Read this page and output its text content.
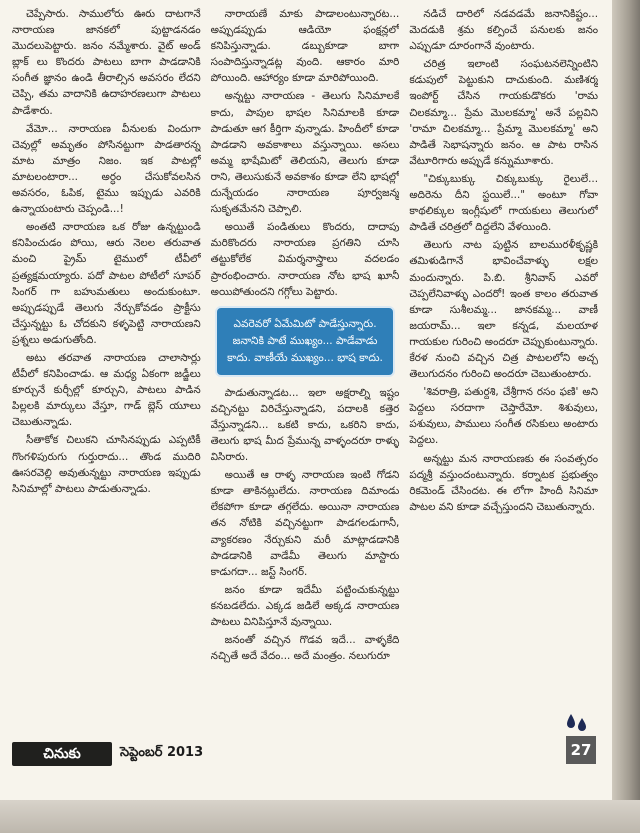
చెప్పేసారు. సాములోరు ఊరు దాటగానే నారాయణ జానకలో పుట్టాడనడం మొదలుపెట్టారు. జనం నమ్మేశారు. వైట్ అండ్ బ్లాక్ లు కొందరు పాటలు బాగా పాడడానికి సంగీత జ్ఞానం ఉండి తీరాల్సిన అవసరం లేదని చెప్పి, తమ వాదానికి ఉదాహరణలుగా పాటలు పాడేశారు.

వేమో... నారాయణ వీనులకు విందుగా చెవుల్లో అమృతం పోసినట్టుగా పాడతారన్న మాట మాత్రం నిజం. ఇక పాటల్లో మాటలంటారా... అర్ధం చేసుకోవలసిన అవసరం, ఓపిక, టైము ఇప్పుడు ఎవరికి ఉన్నాయంటారు చెప్పండి...!

అంతటి నారాయణ ఒక రోజు ఉన్నట్టుండి కనిపించుడం పోయి, ఆరు నెలల తరువాత మంచి ప్రైమ్ టైములో టీవీలో ప్రత్యక్షమయ్యారు. పదో పాటల పోటీలో సూపర్ సింగర్ గా బహుమతులు అందుకుంటూ. అప్పుడప్పుడే తెలుగు నేర్చుకోవడం ప్రాక్టీసు చేస్తున్నట్టు ఓ చోదకుని కళ్ళపెట్టి నారాయణని ప్రశ్నలు అడుగుతోంది.

అటు తరవాత నారాయణ చాలాసార్లు టీవీలో కనిపించాడు. ఆ మధ్య ఏకంగా జడ్జీలు కూర్చునే కుర్చీల్లో కూర్చుని, పాటలు పాడిన పిల్లలకి మార్కులు వేస్తూ, గాడ్ బ్లెస్ యూలు చెబుతున్నాడు.

సీతాకోక చిలుకని చూసినప్పుడు ఎప్పటికీ గొంగళిపురుగు గుర్తురాదు... తొండ ముదిరి ఊసరవెల్లి అవుతున్నట్టు నారాయణ ఇప్పుడు సినిమాల్లో పాటలు పాడుతున్నాడు.

నారాయణే మాకు పాడాలంటున్నారట... అప్పుడప్పుడు ఆడియో ఫంక్షన్లలో కనిపిస్తున్నాడు. డబ్బుకూడా బాగా సంపాదిస్తున్నాడట్ల వుంది. ఆకారం మారి పోయింది. ఆహార్యం కూడా మారిపోయింది.

అన్నట్టు నారాయణ - తెలుగు సినిమాలకే కాదు, పాపుల భాషల సినిమాలకి కూడా పాడుతూ ఆగ కీర్తిగా వున్నాడు. హిందీలో కూడా పాడడాని అవకాశాలు వస్తున్నాయి. అసలు అమ్మ భాషేమిటో తెలియని, తెలుగు కూడా రాని, తెలుసుకునే అవకాశం కూడా లేని భాషల్లో దున్నేయడం నారాయణ పూర్వజన్మ సుకృతమేనని చెప్పాలి.

అయితే పండితులు కొందరు, దాదాపు మరికొందరు నారాయణ ప్రగతిని చూసి తట్టుకోలేక విమర్శనాస్త్రాలు వదలడం ప్రారంభించారు. నారాయణ నోట భాష ఖూనీ అయిపోతుందని గగ్గోలు పెట్టారు.

ఎవరెవరో ఏమేమిటో పాడేస్తున్నారు. జనానికి పాటే ముఖ్యం... పాడేవాడు కాదు. వాణీయే ముఖ్యం... భాష కాదు.

పాడుతున్నాడట... ఇలా అక్షరాల్ని ఇష్టం వచ్చినట్టు విరిచేస్తున్నాడని, పదాలకి కత్తెర వేస్తున్నాడని... ఒకటి కాదు, ఒకరిని కాదు, తెలుగు భాష మీద ప్రేమున్న వాళ్ళందరూ రాళ్ళు విసిరారు.

అయితే ఆ రాళ్ళ నారాయణ ఇంటి గోడని కూడా తాకినట్లులేదు. నారాయణ దిమాండు లేకపోగా కూడా తగ్గలేదు. అయినా నారాయణ తన నోటికి వచ్చినట్టుగా పాడగలడుగానీ, వ్యాకరణం నేర్చుకుని మరీ మాట్లాడడానికి పాడడానికి వాడేమీ తెలుగు మాస్టారు కాడుగదా... జస్ట్ సింగర్.

జనం కూడా ఇదేమీ పట్టించుకున్నట్టు కనబడలేదు. ఎక్కడ జడిలే అక్కడ నారాయణ పాటలు వినిపిస్తూనే వున్నాయి.

జనంతో వచ్చిన గొడవ ఇదే... వాళ్ళకేది నచ్చితే అదే వేదం... అదే మంత్రం. నలుగురూ

నడిచే దారిలో నడవడమే జనానికిష్టం... మెదడుకి శ్రమ కల్పించే పనులకు జనం ఎప్పుడూ దూరంగానే వుంటారు.

చరిత్ర ఇలాంటి సంఘటనలెన్నింటిని కడుపులో పెట్టుకుని దాచుకుంది. మణిశర్మ ఇంపోర్ట్ చేసిన గాయకుడొకరు 'రామ చిలకమ్మా... ప్రేమ మొలకమ్మా' అనే పల్లవిని 'రామా చిలకమ్మా... ప్రేమ్మా మొలకమ్మా' అని పాడితే సెభాషన్నారు జనం. ఆ పాట రాసిన వేటూరిగారు అప్పుడే కన్నుమూశారు.

"చిక్కుబుక్కు చిక్కుబుక్కు రైలులే... అదిరెను దీని స్టయిలే..." అంటూ గోవా కాథలిక్కుల ఇంగ్లీషులో గాయకులు తెలుగులో పాడితే చరిత్రలో దిద్దలేని వేళయింది.

తెలుగు నాట పుట్టిన బాలమురళీకృష్ణకి తమిళుడిగానే భావించేవాళ్ళు లక్షల మందున్నారు. పి.బి. శ్రీనివాస్ ఎవరో చెప్పలేనివాళ్ళు ఎందరో! ఇంత కాలం తరువాత కూడా సుశీలమ్మ... జానకమ్మ... వాణీ జయరామ్... ఇలా కన్నడ, మలయాళ గాయకుల గురించి అందరూ చెప్పుకుంటున్నారు. కేరళ నుంచి వచ్చిన చిత్ర పాటలలోని అచ్చ తెలుగుదనం గురించి అందరూ చెబుతుంటారు.

'శివరాత్రి, పతుర్దశి, చేశ్రీగాన రసం ఫణి' అని పెద్దలు సరదాగా చెప్తారేమో. శిశువులు, పశువులు, పాములు సంగీత రసికులు అంటారు పెద్దలు.

అన్నట్టు మన నారాయణకు ఈ సంవత్సరం పద్మశ్రీ వస్తుందంటున్నారు. కర్నాటక ప్రభుత్వం రికమెండ్ చేసిందట. ఈ లోగా హిందీ సినిమా పాటల వని కూడా వచ్చేస్తుందని చెబుతున్నారు.

చినుకు	సెప్టెంబర్ 2013	27
